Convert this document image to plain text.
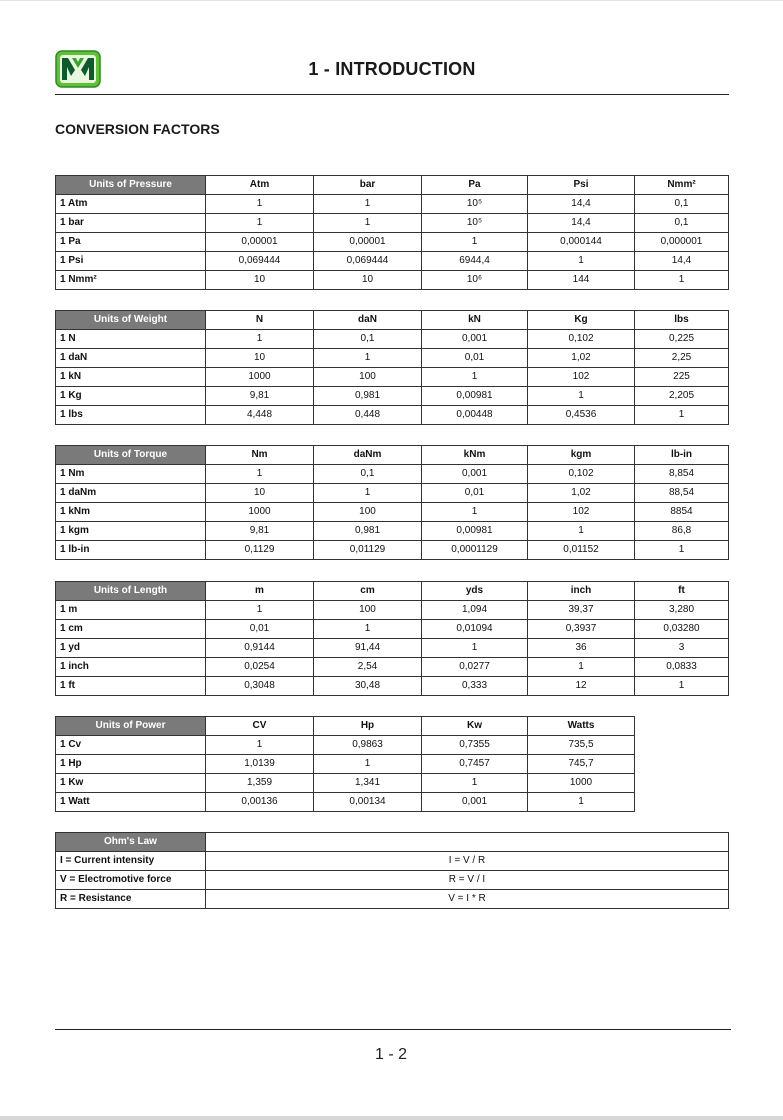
1 - INTRODUCTION
CONVERSION FACTORS
Units of Pressure	Atm	bar	Pa	Psi	Nmm²
1 Atm	1	1	10⁵	14,4	0,1
1 bar	1	1	10⁵	14,4	0,1
1 Pa	0,00001	0,00001	1	0,000144	0,000001
1 Psi	0,069444	0,069444	6944,4	1	14,4
1 Nmm²	10	10	10⁶	144	1
Units of Weight	N	daN	kN	Kg	lbs
1 N	1	0,1	0,001	0,102	0,225
1 daN	10	1	0,01	1,02	2,25
1 kN	1000	100	1	102	225
1 Kg	9,81	0,981	0,00981	1	2,205
1 lbs	4,448	0,448	0,00448	0,4536	1
Units of Torque	Nm	daNm	kNm	kgm	lb-in
1 Nm	1	0,1	0,001	0,102	8,854
1 daNm	10	1	0,01	1,02	88,54
1 kNm	1000	100	1	102	8854
1 kgm	9,81	0,981	0,00981	1	86,8
1 lb-in	0,1129	0,01129	0,0001129	0,01152	1
Units of Length	m	cm	yds	inch	ft
1 m	1	100	1,094	39,37	3,280
1 cm	0,01	1	0,01094	0,3937	0,03280
1 yd	0,9144	91,44	1	36	3
1 inch	0,0254	2,54	0,0277	1	0,0833
1 ft	0,3048	30,48	0,333	12	1
Units of Power	CV	Hp	Kw	Watts
1 Cv	1	0,9863	0,7355	735,5
1 Hp	1,0139	1	0,7457	745,7
1 Kw	1,359	1,341	1	1000
1 Watt	0,00136	0,00134	0,001	1
Ohm's Law	
I = Current intensity	I = V / R
V = Electromotive force	R = V / I
R = Resistance	V = I * R
1 - 2
